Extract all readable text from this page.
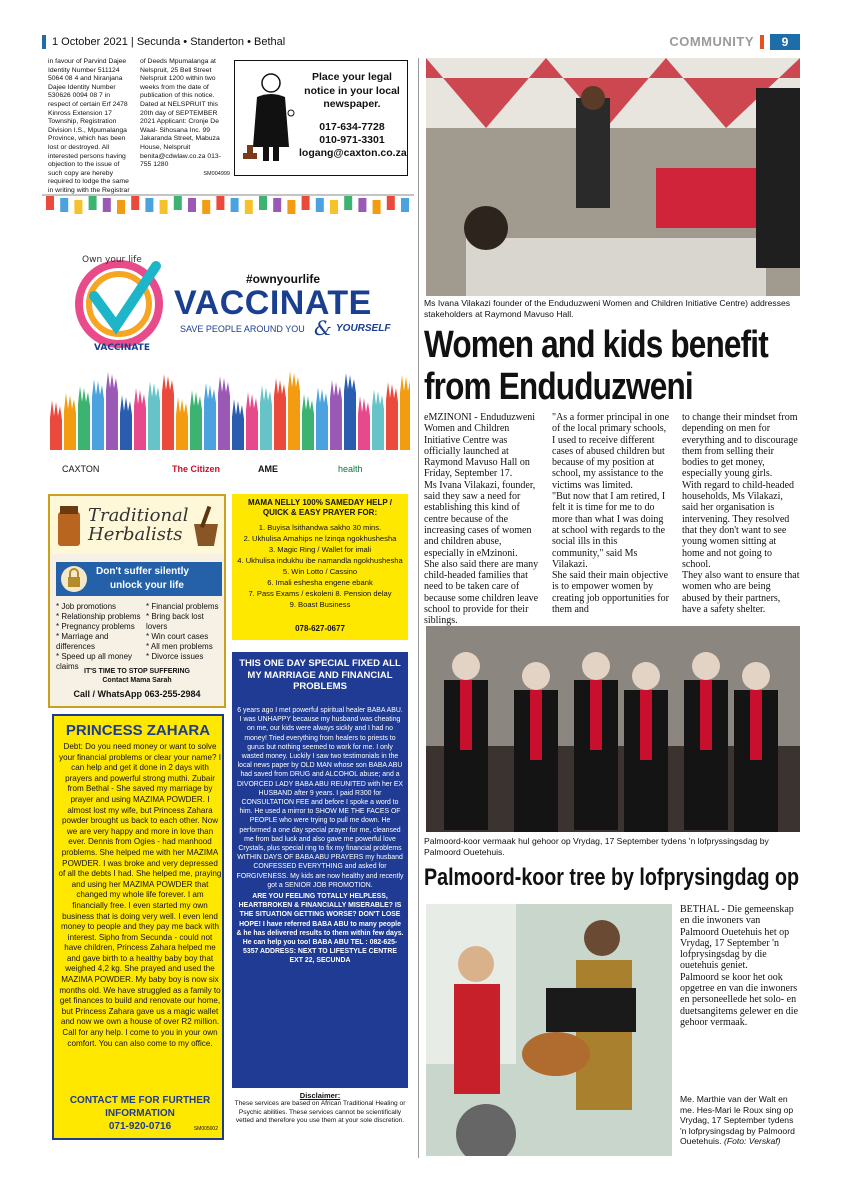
1 October 2021 | Secunda • Standerton • Bethal	COMMUNITY	9
in favour of Parvind Dajee Identity Number 511124 5064 08 4 and Niranjana Dajee Identity Number 530626 0094 08 7 in respect of certain Erf 2478 Kinross Extension 17 Township, Registration Division I.S., Mpumalanga Province, which has been lost or destroyed. All interested persons having objection to the issue of such copy are hereby required to lodge the same in writing with the Registrar
of Deeds Mpumalanga at Nelspruit, 25 Bell Street Nelspruit 1200 within two weeks from the date of publication of this notice. Dated at NELSPRUIT this 20th day of SEPTEMBER 2021 Applicant: Cronje De Waal- Sihosana Inc. 99 Jakaranda Street, Mabuza House, Nelspruit benita@cdwlaw.co.za 013-755 1280
SM004999
Place your legal notice in your local newspaper.
017-634-7728
010-971-3301
logang@caxton.co.za
Own your life
VACCINATE
#ownyourlife
VACCINATE
SAVE PEOPLE AROUND YOU & YOURSELF
CAXTON	The Citizen	AME	health
Traditional
Herbalists
Don't suffer silently
unlock your life
* Job promotions
* Relationship problems
* Pregnancy problems
* Marriage and differences
* Speed up all money claims
* Financial problems
* Bring back lost lovers
* Win court cases
* All men problems
* Divorce issues
IT'S TIME TO STOP SUFFERING
Contact Mama Sarah
Call / WhatsApp 063-255-2984
MAMA NELLY 100% SAMEDAY HELP / QUICK & EASY PRAYER FOR:
1. Buyisa lsithandwa sakho 30 mins.
2. Ukhulisa Amahips ne lzinqa ngokhushesha
3. Magic Ring / Wallet for imali
4. Ukhulisa indukhu ibe namandla ngokhushesha
5. Win Lotto / Cassino
6. Imali eshesha engene ebank
7. Pass Exams / eskoleni 8. Pension delay
9. Boast Business
078-627-0677
PRINCESS ZAHARA
Debt: Do you need money or want to solve your financial problems or clear your name? I can help and get it done in 2 days with prayers and powerful strong muthi. Zubair from Bethal - She saved my marriage by prayer and using MAZIMA POWDER. I almost lost my wife, but Princess Zahara powder brought us back to each other. Now we are very happy and more in love than ever. Dennis from Ogies - had manhood problems. She helped me with her MAZIMA POWDER. I was broke and very depressed of all the debts I had. She helped me, praying and using her MAZIMA POWDER that changed my whole life forever. I am financially free. I even started my own business that is doing very well. I even lend money to people and they pay me back with interest. Sipho from Secunda - could not have children, Princess Zahara helped me and gave birth to a healthy baby boy that weighed 4,2 kg. She prayed and used the MAZIMA POWDER. My baby boy is now six months old. We have struggled as a family to get finances to build and renovate our home, but Princess Zahara gave us a magic wallet and now we own a house of over R2 million. Call for any help. I come to you in your own comfort. You can also come to my office.
CONTACT ME FOR FURTHER INFORMATION
071-920-0716	SM005002
THIS ONE DAY SPECIAL FIXED ALL MY MARRIAGE AND FINANCIAL PROBLEMS
6 years ago I met powerful spiritual healer BABA ABU. I was UNHAPPY because my husband was cheating on me, our kids were always sickly and I had no money! Tried everything from healers to priests to gurus but nothing seemed to work for me. I only wasted money. Luckily I saw two testimonials in the local news paper by OLD MAN whose son BABA ABU had saved from DRUG and ALCOHOL abuse; and a DIVORCED LADY BABA ABU REUNITED with her EX HUSBAND after 9 years. I paid R300 for CONSULTATION FEE and before I spoke a word to him. He used a mirror to SHOW ME THE FACES OF PEOPLE who were trying to pull me down. He performed a one day special prayer for me, cleansed me from bad luck and also gave me powerful love Crystals, plus special ring to fix my financial problems WITHIN DAYS OF BABA ABU PRAYERS my husband CONFESSED EVERYTHING and asked for FORGIVENESS. My kids are now healthy and recently got a SENIOR JOB PROMOTION.
ARE YOU FEELING TOTALLY HELPLESS, HEARTBROKEN & FINANCIALLY MISERABLE? IS THE SITUATION GETTING WORSE? DON'T LOSE HOPE! I have referred BABA ABU to many people & he has delivered results to them within few days. He can help you too! BABA ABU TEL : 082-625-5357 ADDRESS: NEXT TO LIFESTYLE CENTRE EXT 22, SECUNDA
Disclaimer:
These services are based on African Traditional Healing or Psychic abilities. These services cannot be scientifically vetted and therefore you use them at your sole discretion.
Ms Ivana Vilakazi founder of the Enduduzweni Women and Children Initiative Centre) addresses stakeholders at Raymond Mavuso Hall.
Women and kids benefit from Enduduzweni
eMZINONI - Enduduzweni Women and Children Initiative Centre was officially launched at Raymond Mavuso Hall on Friday, September 17.
Ms Ivana Vilakazi, founder, said they saw a need for establishing this kind of centre because of the increasing cases of women and children abuse, especially in eMzinoni.
She also said there are many child-headed families that need to be taken care of because some children leave school to provide for their siblings.
"As a former principal in one of the local primary schools, I used to receive different cases of abused children but because of my position at school, my assistance to the victims was limited.
"But now that I am retired, I felt it is time for me to do more than what I was doing at school with regards to the social ills in this community," said Ms Vilakazi.
She said their main objective is to empower women by creating job opportunities for them and
to change their mindset from depending on men for everything and to discourage them from selling their bodies to get money, especially young girls.
With regard to child-headed households, Ms Vilakazi, said her organisation is intervening. They resolved that they don't want to see young women sitting at home and not going to school.
They also want to ensure that women who are being abused by their partners, have a safety shelter.
Palmoord-koor vermaak hul gehoor op Vrydag, 17 September tydens 'n lofpryssingsdag by Palmoord Ouetehuis.
Palmoord-koor tree by lofprysingdag op
BETHAL - Die gemeenskap en die inwoners van Palmoord Ouetehuis het op Vrydag, 17 September 'n lofprysingsdag by die ouetehuis geniet.
Palmoord se koor het ook opgetree en van die inwoners en personeellede het solo- en duetsangitems gelewer en die gehoor vermaak.
Me. Marthie van der Walt en me. Hes-Mari le Roux sing op Vrydag, 17 September tydens 'n lofprysingsdag by Palmoord Ouetehuis. (Foto: Verskaf)
